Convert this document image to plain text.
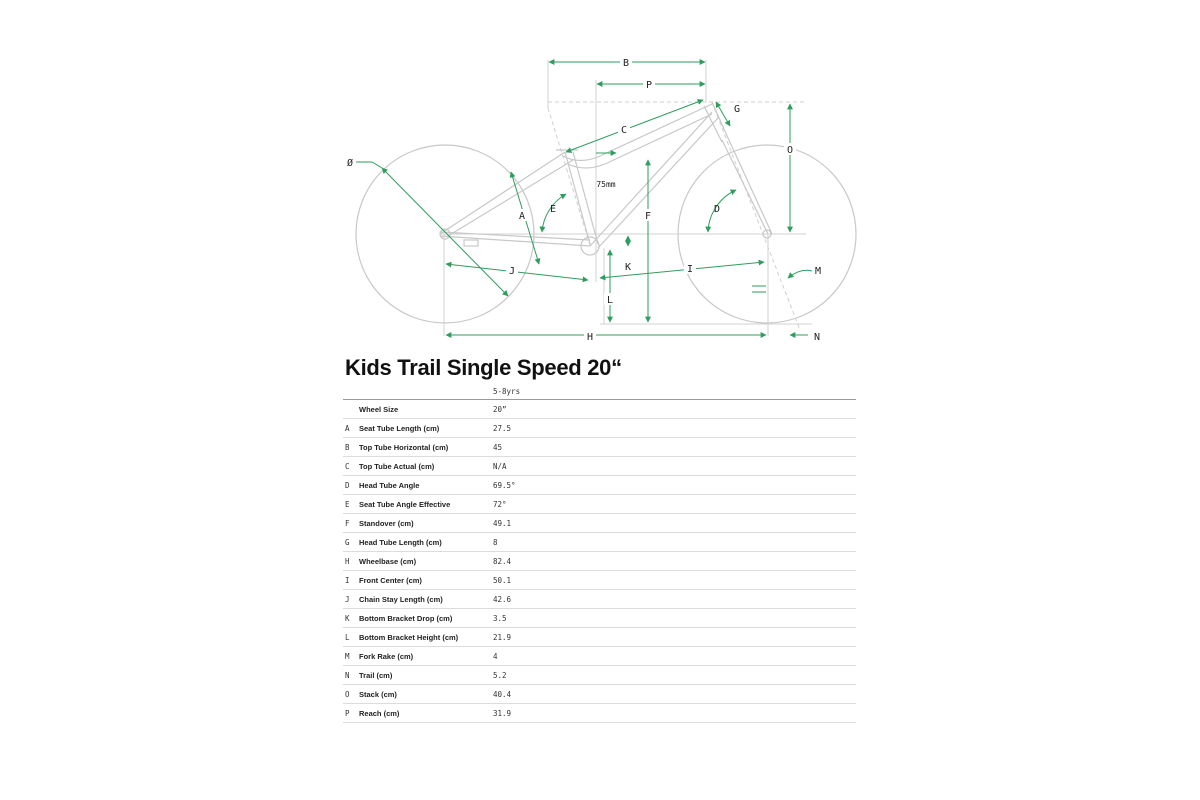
B
P
G
C
O
Ø
75mm
E	D
A	F
K
J	I	M
L
H	N
Kids Trail Single Speed 20“
		5-8yrs
	Wheel Size	20”
A	Seat Tube Length (cm)	27.5
B	Top Tube Horizontal (cm)	45
C	Top Tube Actual (cm)	N/A
D	Head Tube Angle	69.5°
E	Seat Tube Angle Effective	72°
F	Standover (cm)	49.1
G	Head Tube Length (cm)	8
H	Wheelbase (cm)	82.4
I	Front Center (cm)	50.1
J	Chain Stay Length (cm)	42.6
K	Bottom Bracket Drop (cm)	3.5
L	Bottom Bracket Height (cm)	21.9
M	Fork Rake (cm)	4
N	Trail (cm)	5.2
O	Stack (cm)	40.4
P	Reach (cm)	31.9
